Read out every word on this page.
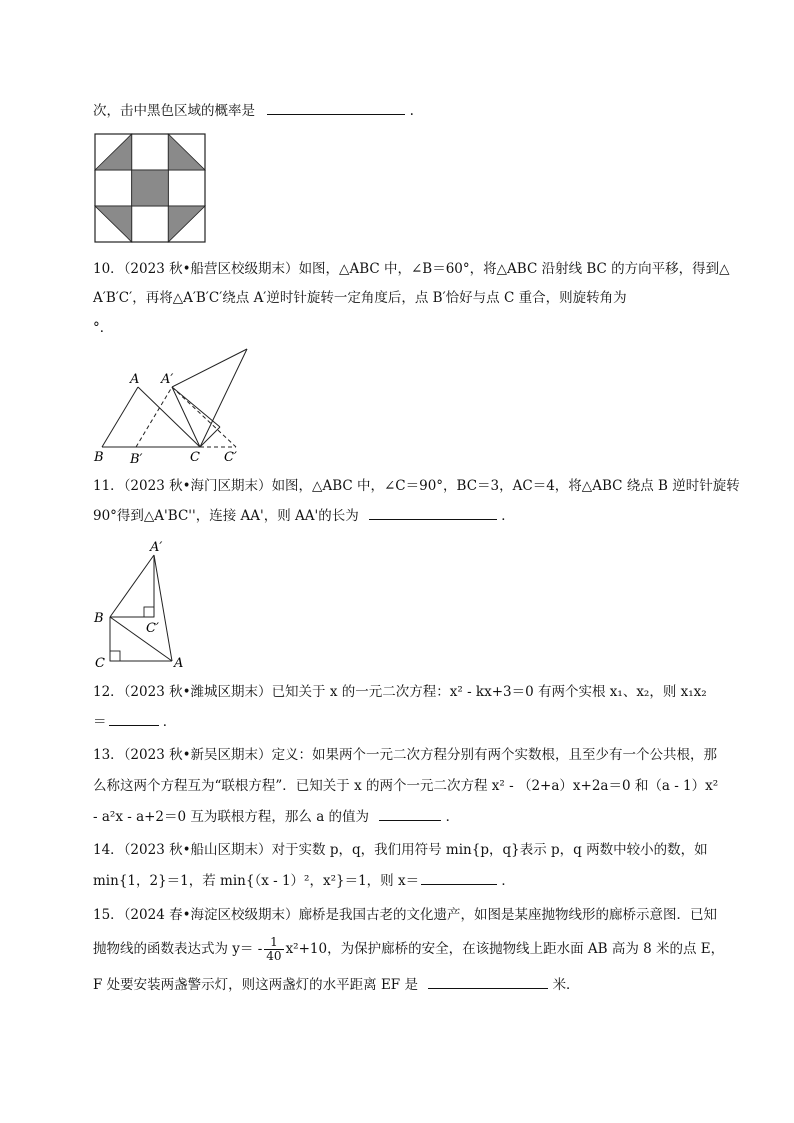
次，击中黑色区域的概率是	.
10．（2023 秋•船营区校级期末）如图，△ABC 中，∠B＝60°，将△ABC 沿射线 BC 的方向平移，得到△
A′B′C′，再将△A′B′C′绕点 A′逆时针旋转一定角度后，点 B′恰好与点 C 重合，则旋转角为
°．
A A′
B B′	C C′
11．（2023 秋•海门区期末）如图，△ABC 中，∠C＝90°，BC＝3，AC＝4，将△ABC 绕点 B 逆时针旋转
90°得到△A'BC''，连接 AA'，则 AA'的长为	．
A′
B
C′
C	A
12．（2023 秋•潍城区期末）已知关于 x 的一元二次方程：x² - kx+3＝0 有两个实根 x₁、x₂，则 x₁x₂
＝	．
13．（2023 秋•新吴区期末）定义：如果两个一元二次方程分别有两个实数根，且至少有一个公共根，那
么称这两个方程互为“联根方程”．已知关于 x 的两个一元二次方程 x² - （2+a）x+2a＝0 和（a - 1）x²
- a²x - a+2＝0 互为联根方程，那么 a 的值为	．
14．（2023 秋•船山区期末）对于实数 p，q，我们用符号 min{p，q}表示 p，q 两数中较小的数，如
min{1，2}＝1，若 min{（x - 1）²，x²}＝1，则 x＝	．
15．（2024 春•海淀区校级期末）廊桥是我国古老的文化遗产，如图是某座抛物线形的廊桥示意图．已知
抛物线的函数表达式为 $y= - \frac{1}{40} x^2+10$，为保护廊桥的安全，在该抛物线上距水面 AB 高为 8 米的点 E，
F 处要安装两盏警示灯，则这两盏灯的水平距离 EF 是	米．
